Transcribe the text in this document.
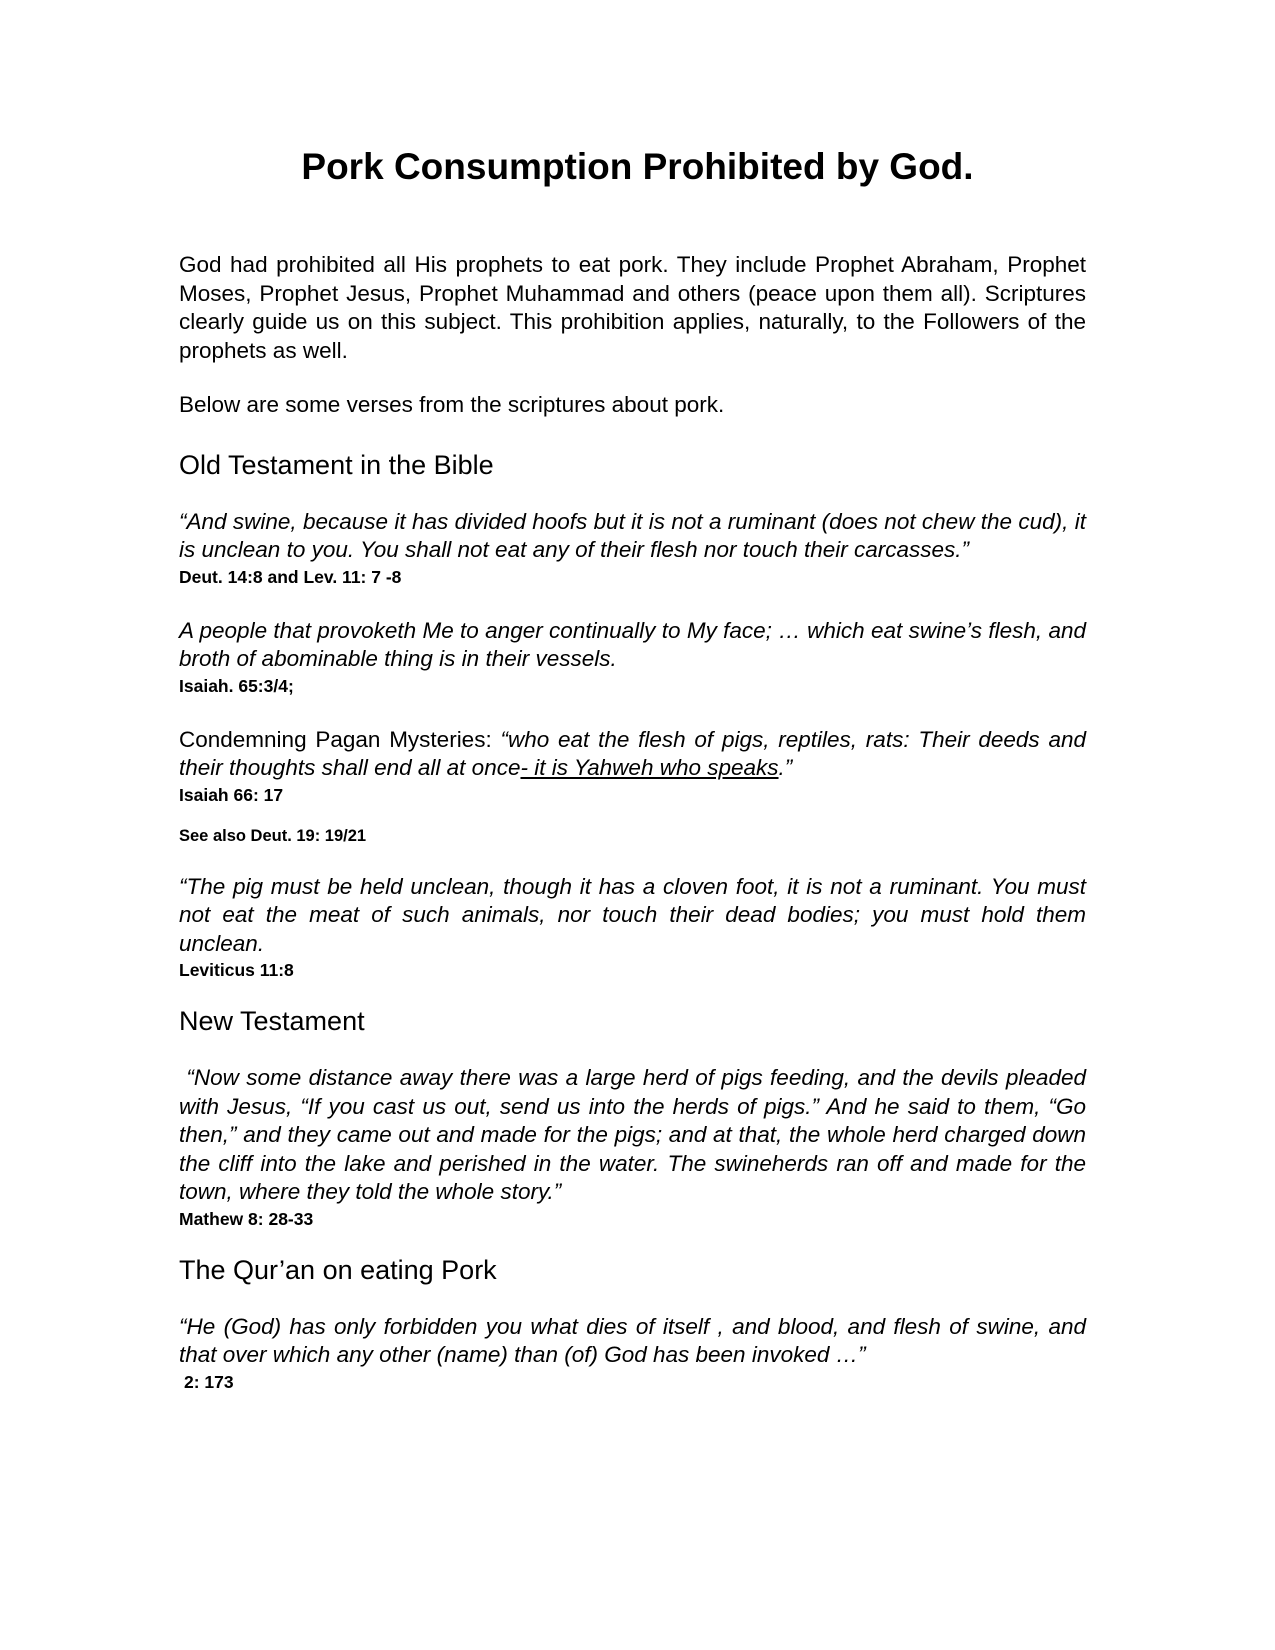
Pork Consumption Prohibited by God.

God had prohibited all His prophets to eat pork. They include Prophet Abraham, Prophet Moses, Prophet Jesus, Prophet Muhammad and others (peace upon them all). Scriptures clearly guide us on this subject. This prohibition applies, naturally, to the Followers of the prophets as well.

Below are some verses from the scriptures about pork.

Old Testament in the Bible

“And swine, because it has divided hoofs but it is not a ruminant (does not chew the cud), it is unclean to you. You shall not eat any of their flesh nor touch their carcasses.”

Deut. 14:8 and Lev. 11: 7 -8

A people that provoketh Me to anger continually to My face; … which eat swine’s flesh, and broth of abominable thing is in their vessels.

Isaiah. 65:3/4;

Condemning Pagan Mysteries: “who eat the flesh of pigs, reptiles, rats: Their deeds and their thoughts shall end all at once- it is Yahweh who speaks.”

Isaiah 66: 17

See also Deut. 19: 19/21

“The pig must be held unclean, though it has a cloven foot, it is not a ruminant. You must not eat the meat of such animals, nor touch their dead bodies; you must hold them unclean.

Leviticus 11:8

New Testament

“Now some distance away there was a large herd of pigs feeding, and the devils pleaded with Jesus, “If you cast us out, send us into the herds of pigs.” And he said to them, “Go then,” and they came out and made for the pigs; and at that, the whole herd charged down the cliff into the lake and perished in the water. The swineherds ran off and made for the town, where they told the whole story.”

Mathew 8: 28-33

The Qur’an on eating Pork

“He (God) has only forbidden you what dies of itself , and blood, and flesh of swine, and that over which any other (name) than (of) God has been invoked …”

2: 173
